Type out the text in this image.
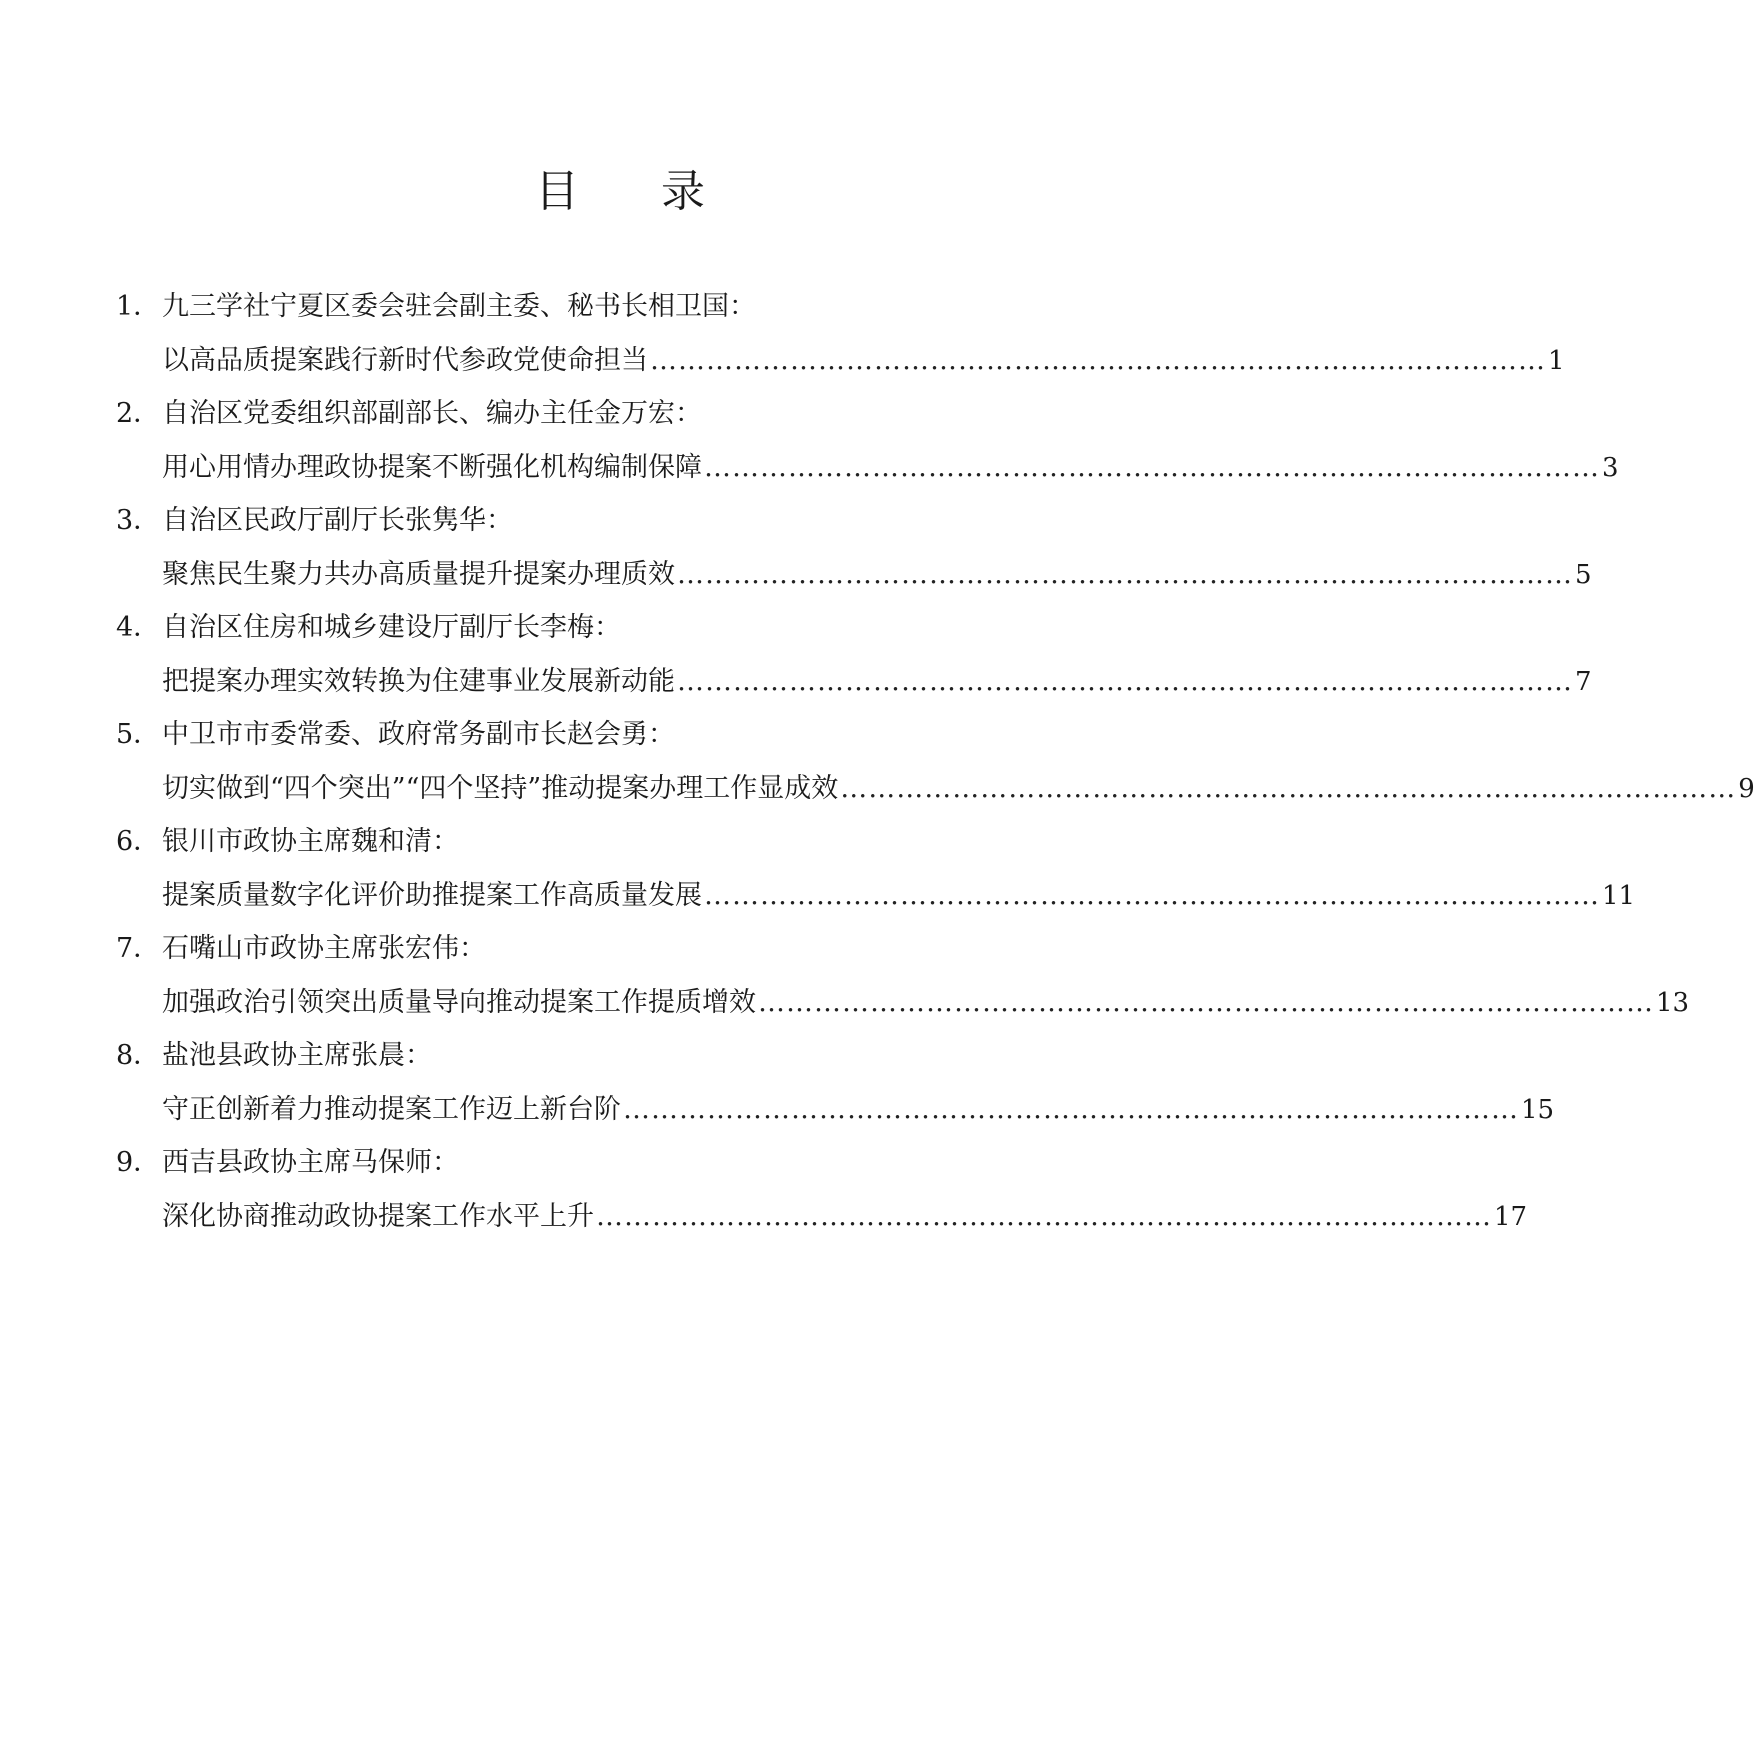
目 录
1．九三学社宁夏区委会驻会副主委、秘书长相卫国：
以高品质提案践行新时代参政党使命担当 …………………………………………………………………………………… 1
2．自治区党委组织部副部长、编办主任金万宏：
用心用情办理政协提案不断强化机构编制保障 …………………………………………………………………………………… 3
3．自治区民政厅副厅长张隽华：
聚焦民生聚力共办高质量提升提案办理质效 …………………………………………………………………………………… 5
4．自治区住房和城乡建设厅副厅长李梅：
把提案办理实效转换为住建事业发展新动能 …………………………………………………………………………………… 7
5．中卫市市委常委、政府常务副市长赵会勇：
切实做到“四个突出”“四个坚持”推动提案办理工作显成效 …………………………………………………………………………………… 9
6．银川市政协主席魏和清：
提案质量数字化评价助推提案工作高质量发展 …………………………………………………………………………………… 11
7．石嘴山市政协主席张宏伟：
加强政治引领突出质量导向推动提案工作提质增效 …………………………………………………………………………………… 13
8．盐池县政协主席张晨：
守正创新着力推动提案工作迈上新台阶 …………………………………………………………………………………… 15
9．西吉县政协主席马保师：
深化协商推动政协提案工作水平上升 …………………………………………………………………………………… 17
